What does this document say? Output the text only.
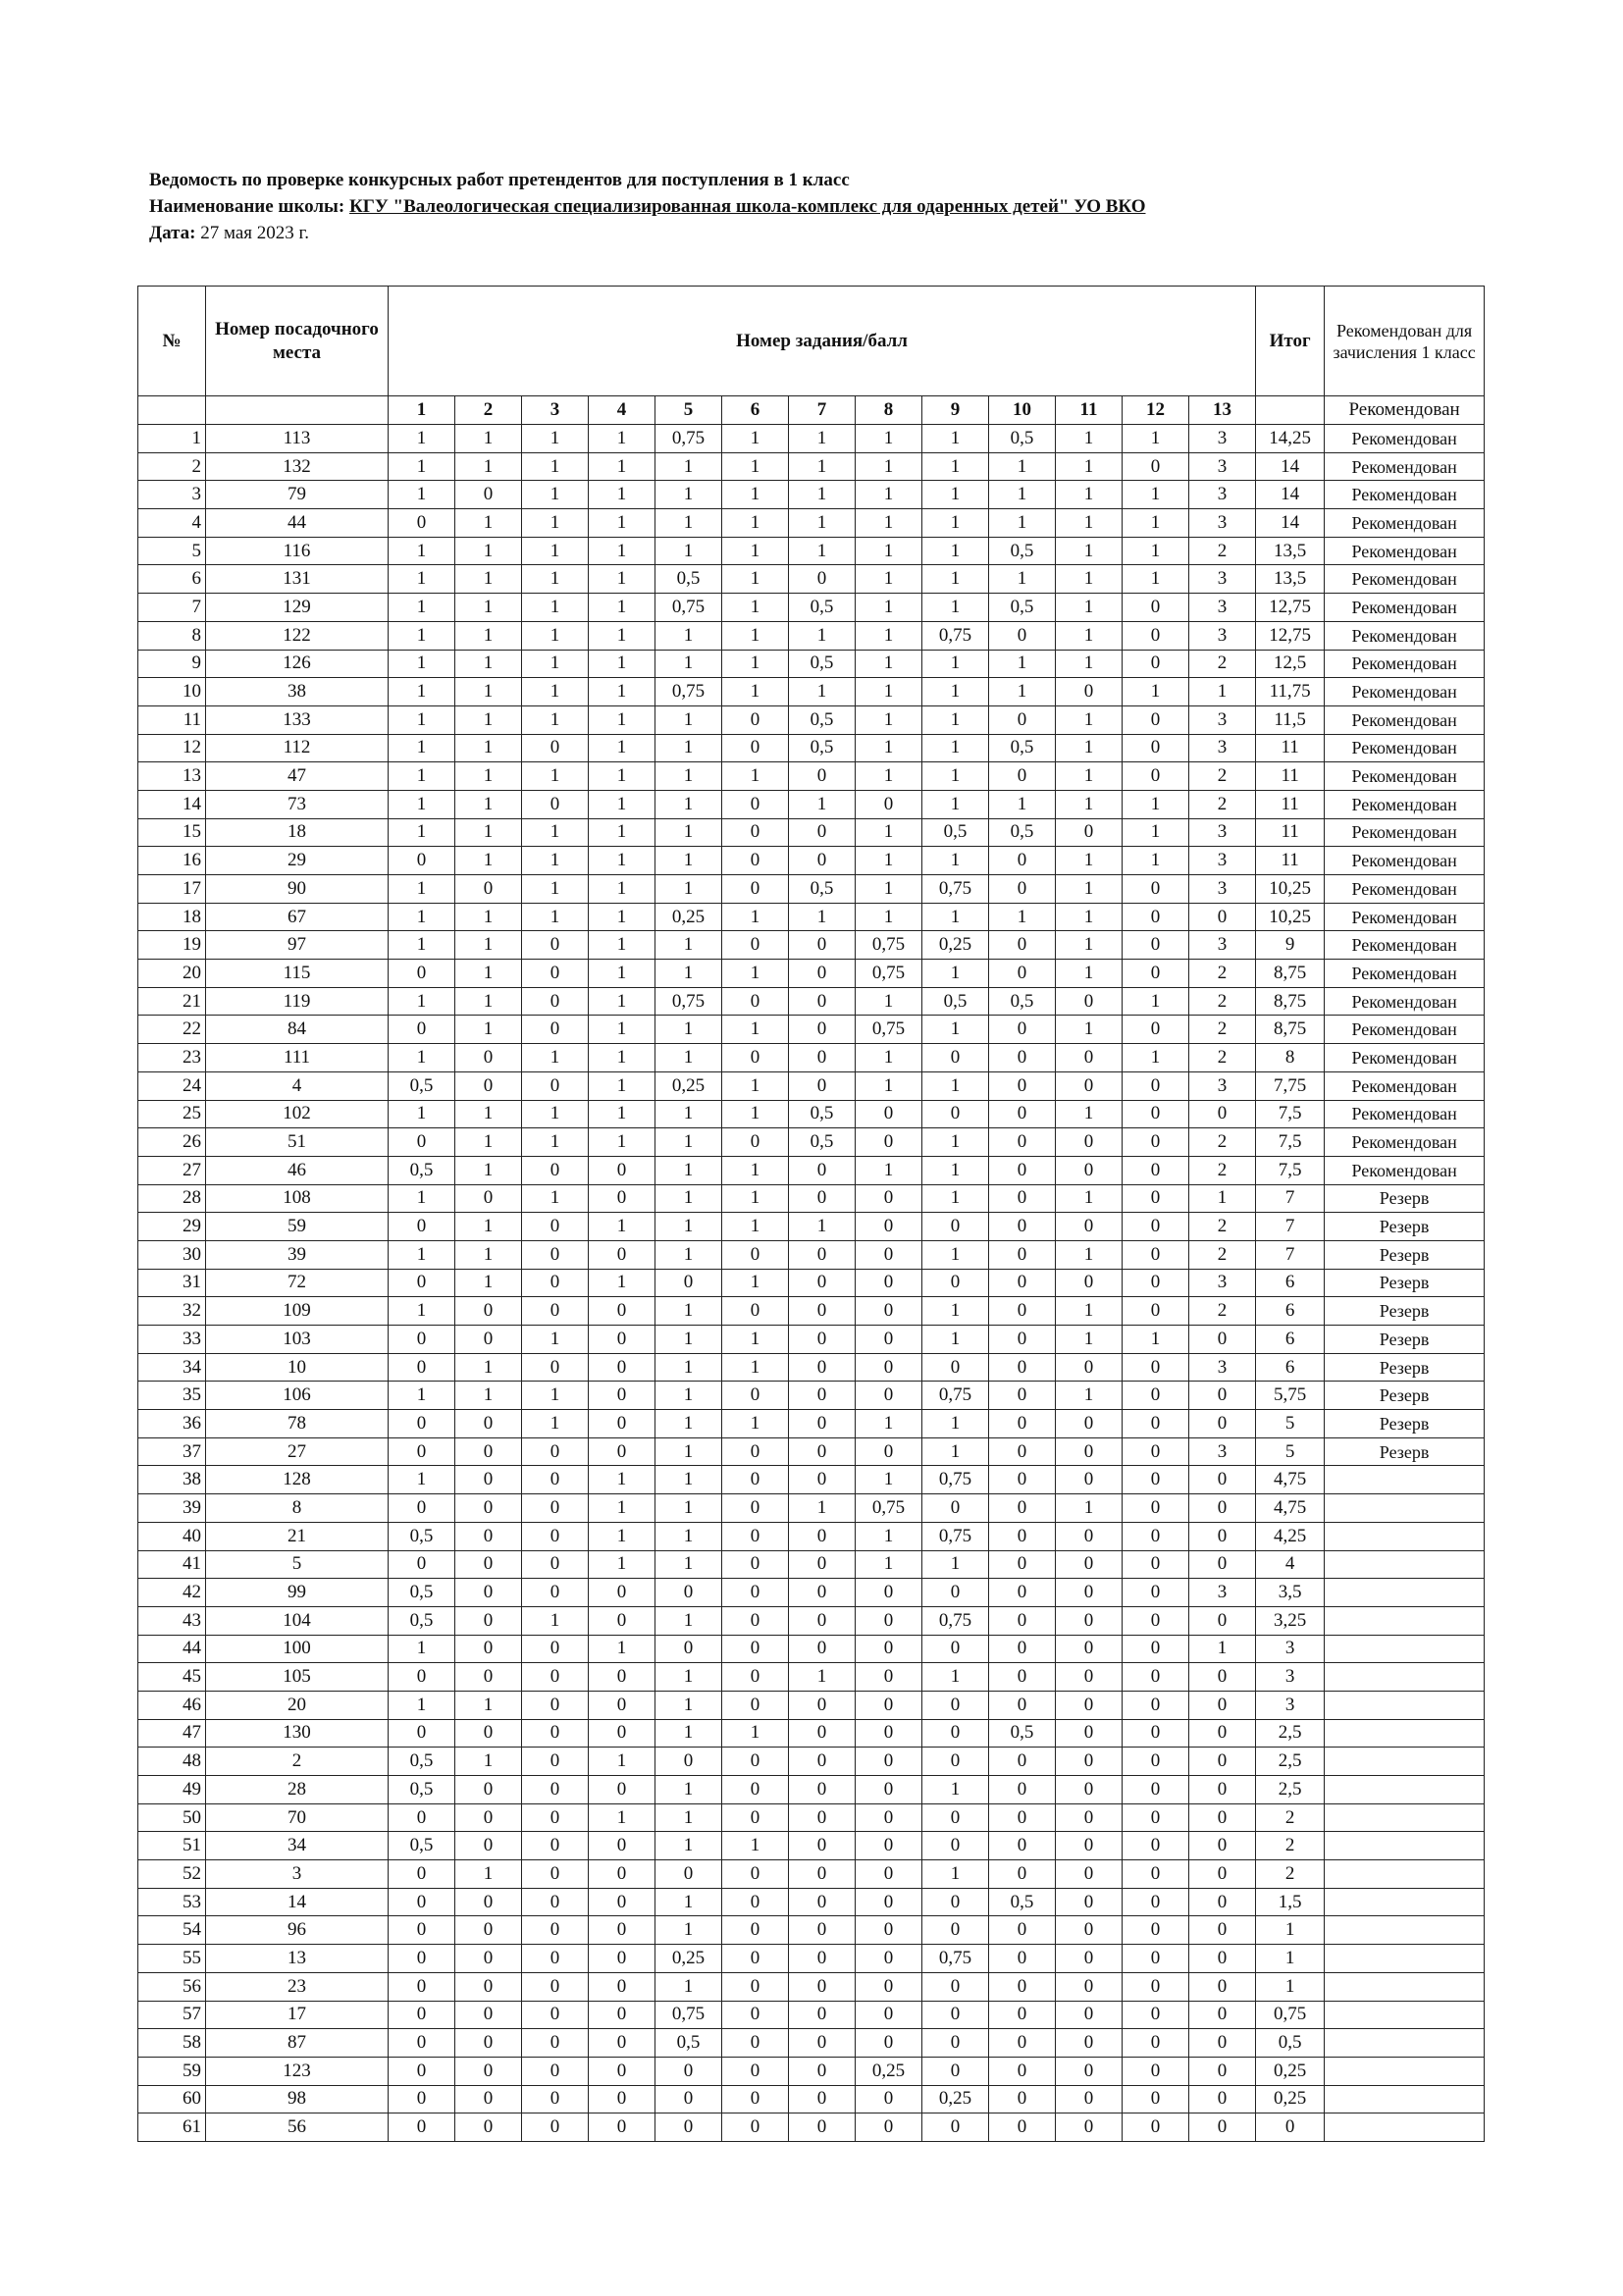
Ведомость по проверке конкурсных работ претендентов для поступления в 1 класс
Наименование школы: КГУ "Валеологическая специализированная школа-комплекс для одаренных детей" УО ВКО
Дата: 27 мая 2023 г.
№	Номер посадочного места	Номер задания/балл													Итог	Рекомендован для зачисления 1 класс
		1	2	3	4	5	6	7	8	9	10	11	12	13		Рекомендован
1	113	1	1	1	1	0,75	1	1	1	1	0,5	1	1	3	14,25	Рекомендован
2	132	1	1	1	1	1	1	1	1	1	1	1	0	3	14	Рекомендован
3	79	1	0	1	1	1	1	1	1	1	1	1	1	3	14	Рекомендован
4	44	0	1	1	1	1	1	1	1	1	1	1	1	3	14	Рекомендован
5	116	1	1	1	1	1	1	1	1	1	0,5	1	1	2	13,5	Рекомендован
6	131	1	1	1	1	0,5	1	0	1	1	1	1	1	3	13,5	Рекомендован
7	129	1	1	1	1	0,75	1	0,5	1	1	0,5	1	0	3	12,75	Рекомендован
8	122	1	1	1	1	1	1	1	1	0,75	0	1	0	3	12,75	Рекомендован
9	126	1	1	1	1	1	1	0,5	1	1	1	1	0	2	12,5	Рекомендован
10	38	1	1	1	1	0,75	1	1	1	1	1	0	1	1	11,75	Рекомендован
11	133	1	1	1	1	1	0	0,5	1	1	0	1	0	3	11,5	Рекомендован
12	112	1	1	0	1	1	0	0,5	1	1	0,5	1	0	3	11	Рекомендован
13	47	1	1	1	1	1	1	0	1	1	0	1	0	2	11	Рекомендован
14	73	1	1	0	1	1	0	1	0	1	1	1	1	2	11	Рекомендован
15	18	1	1	1	1	1	0	0	1	0,5	0,5	0	1	3	11	Рекомендован
16	29	0	1	1	1	1	0	0	1	1	0	1	1	3	11	Рекомендован
17	90	1	0	1	1	1	0	0,5	1	0,75	0	1	0	3	10,25	Рекомендован
18	67	1	1	1	1	0,25	1	1	1	1	1	1	0	0	10,25	Рекомендован
19	97	1	1	0	1	1	0	0	0,75	0,25	0	1	0	3	9	Рекомендован
20	115	0	1	0	1	1	1	0	0,75	1	0	1	0	2	8,75	Рекомендован
21	119	1	1	0	1	0,75	0	0	1	0,5	0,5	0	1	2	8,75	Рекомендован
22	84	0	1	0	1	1	1	0	0,75	1	0	1	0	2	8,75	Рекомендован
23	111	1	0	1	1	1	0	0	1	0	0	0	1	2	8	Рекомендован
24	4	0,5	0	0	1	0,25	1	0	1	1	0	0	0	3	7,75	Рекомендован
25	102	1	1	1	1	1	1	0,5	0	0	0	1	0	0	7,5	Рекомендован
26	51	0	1	1	1	1	0	0,5	0	1	0	0	0	2	7,5	Рекомендован
27	46	0,5	1	0	0	1	1	0	1	1	0	0	0	2	7,5	Рекомендован
28	108	1	0	1	0	1	1	0	0	1	0	1	0	1	7	Резерв
29	59	0	1	0	1	1	1	1	0	0	0	0	0	2	7	Резерв
30	39	1	1	0	0	1	0	0	0	1	0	1	0	2	7	Резерв
31	72	0	1	0	1	0	1	0	0	0	0	0	0	3	6	Резерв
32	109	1	0	0	0	1	0	0	0	1	0	1	0	2	6	Резерв
33	103	0	0	1	0	1	1	0	0	1	0	1	1	0	6	Резерв
34	10	0	1	0	0	1	1	0	0	0	0	0	0	3	6	Резерв
35	106	1	1	1	0	1	0	0	0	0,75	0	1	0	0	5,75	Резерв
36	78	0	0	1	0	1	1	0	1	1	0	0	0	0	5	Резерв
37	27	0	0	0	0	1	0	0	0	1	0	0	0	3	5	Резерв
38	128	1	0	0	1	1	0	0	1	0,75	0	0	0	0	4,75	
39	8	0	0	0	1	1	0	1	0,75	0	0	1	0	0	4,75	
40	21	0,5	0	0	1	1	0	0	1	0,75	0	0	0	0	4,25	
41	5	0	0	0	1	1	0	0	1	1	0	0	0	0	4	
42	99	0,5	0	0	0	0	0	0	0	0	0	0	0	3	3,5	
43	104	0,5	0	1	0	1	0	0	0	0,75	0	0	0	0	3,25	
44	100	1	0	0	1	0	0	0	0	0	0	0	0	1	3	
45	105	0	0	0	0	1	0	1	0	1	0	0	0	0	3	
46	20	1	1	0	0	1	0	0	0	0	0	0	0	0	3	
47	130	0	0	0	0	1	1	0	0	0	0,5	0	0	0	2,5	
48	2	0,5	1	0	1	0	0	0	0	0	0	0	0	0	2,5	
49	28	0,5	0	0	0	1	0	0	0	1	0	0	0	0	2,5	
50	70	0	0	0	1	1	0	0	0	0	0	0	0	0	2	
51	34	0,5	0	0	0	1	1	0	0	0	0	0	0	0	2	
52	3	0	1	0	0	0	0	0	0	1	0	0	0	0	2	
53	14	0	0	0	0	1	0	0	0	0	0,5	0	0	0	1,5	
54	96	0	0	0	0	1	0	0	0	0	0	0	0	0	1	
55	13	0	0	0	0	0,25	0	0	0	0,75	0	0	0	0	1	
56	23	0	0	0	0	1	0	0	0	0	0	0	0	0	1	
57	17	0	0	0	0	0,75	0	0	0	0	0	0	0	0	0,75	
58	87	0	0	0	0	0,5	0	0	0	0	0	0	0	0	0,5	
59	123	0	0	0	0	0	0	0	0,25	0	0	0	0	0	0,25	
60	98	0	0	0	0	0	0	0	0	0,25	0	0	0	0	0,25	
61	56	0	0	0	0	0	0	0	0	0	0	0	0	0	0	
